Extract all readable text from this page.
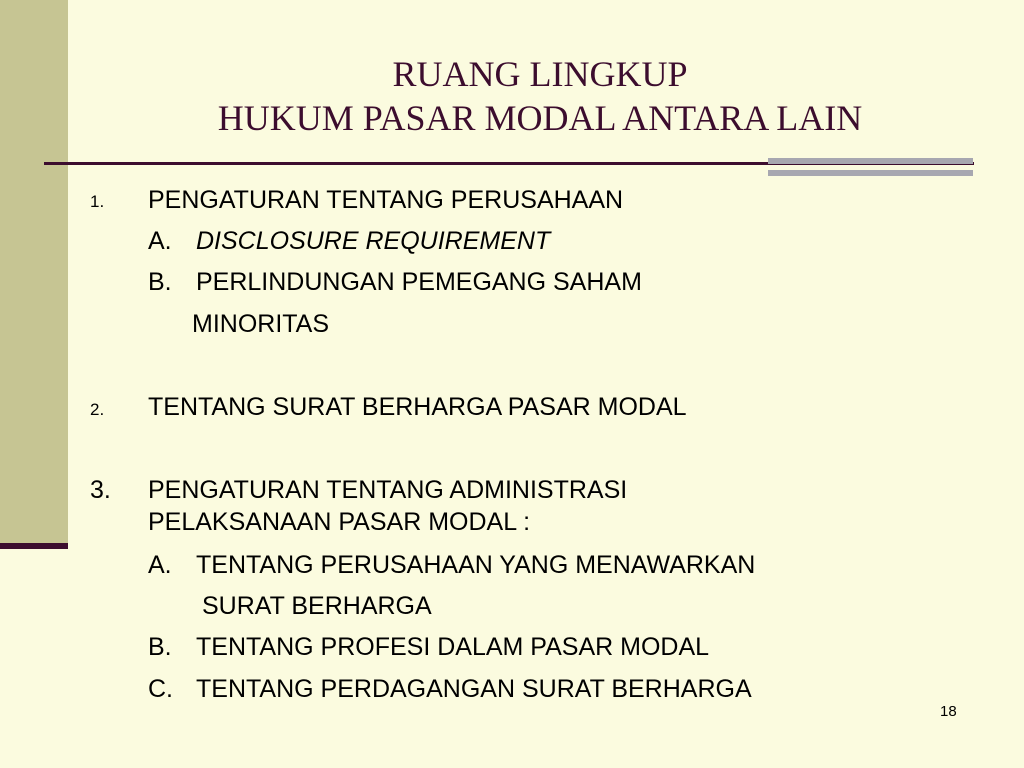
RUANG LINGKUP
HUKUM PASAR MODAL ANTARA LAIN
1. PENGATURAN TENTANG PERUSAHAAN
A. DISCLOSURE REQUIREMENT
B. PERLINDUNGAN PEMEGANG SAHAM
MINORITAS
2. TENTANG SURAT BERHARGA PASAR MODAL
3. PENGATURAN TENTANG ADMINISTRASI
PELAKSANAAN PASAR MODAL :
A. TENTANG PERUSAHAAN YANG MENAWARKAN
SURAT BERHARGA
B. TENTANG PROFESI DALAM PASAR MODAL
C. TENTANG PERDAGANGAN SURAT BERHARGA
18
